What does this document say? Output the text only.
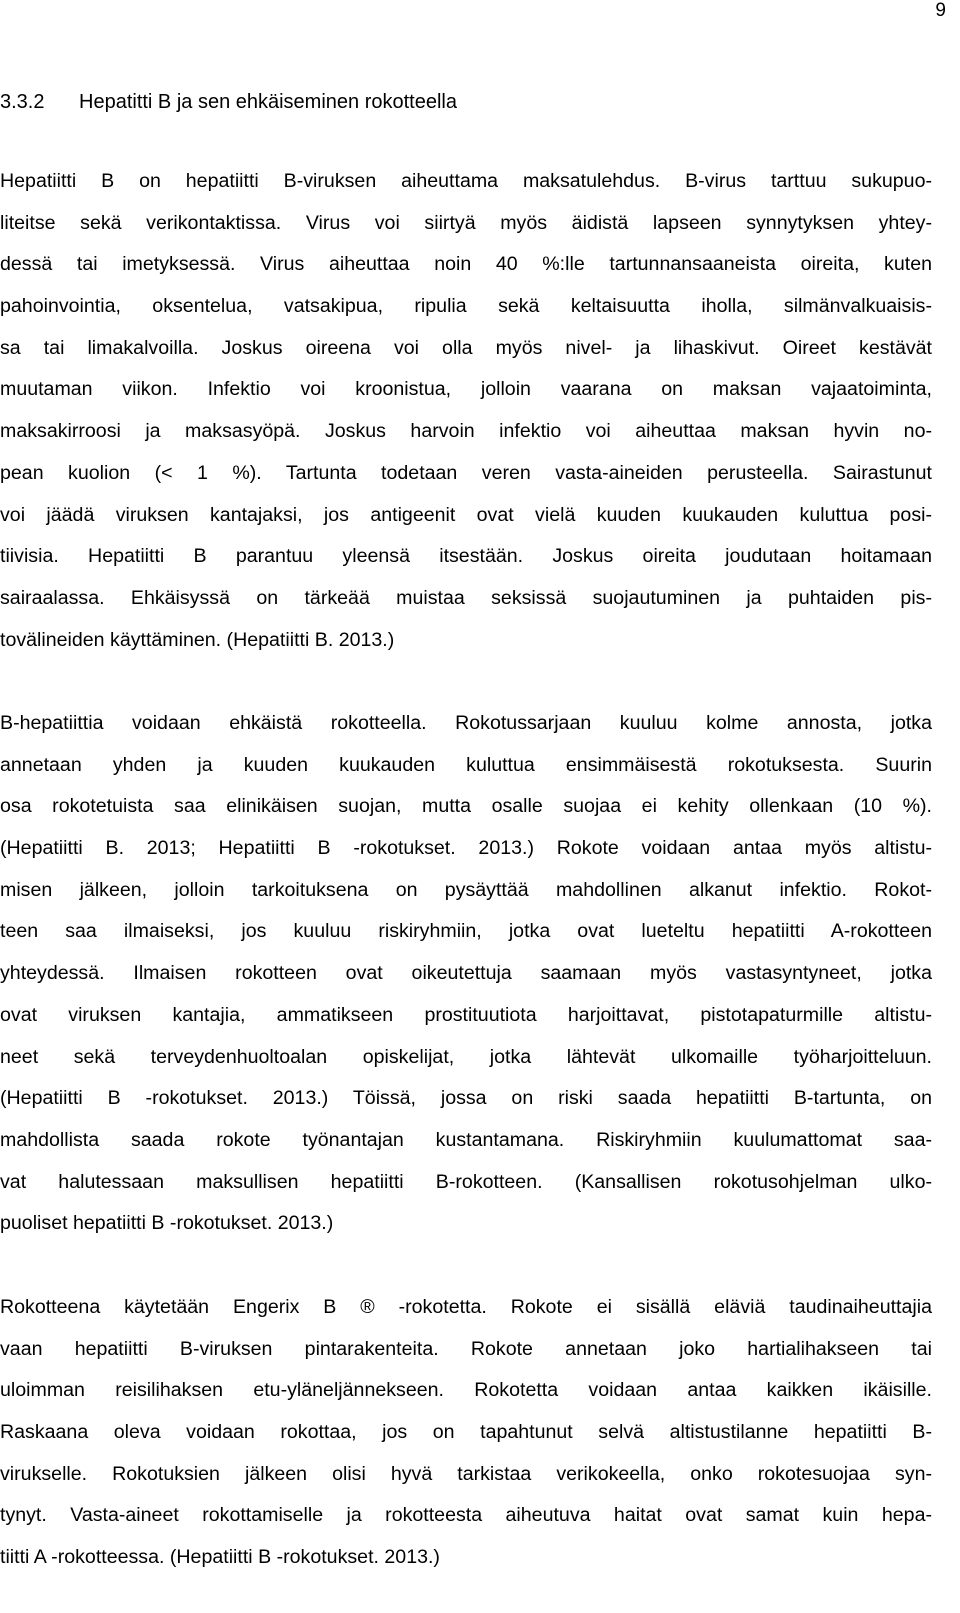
9
3.3.2 Hepatitti B ja sen ehkäiseminen rokotteella
Hepatiitti B on hepatiitti B-viruksen aiheuttama maksatulehdus. B-virus tarttuu sukupuo-
liteitse sekä verikontaktissa. Virus voi siirtyä myös äidistä lapseen synnytyksen yhtey-
dessä tai imetyksessä. Virus aiheuttaa noin 40 %:lle tartunnansaaneista oireita, kuten
pahoinvointia, oksentelua, vatsakipua, ripulia sekä keltaisuutta iholla, silmänvalkuaisis-
sa tai limakalvoilla. Joskus oireena voi olla myös nivel- ja lihaskivut. Oireet kestävät
muutaman viikon. Infektio voi kroonistua, jolloin vaarana on maksan vajaatoiminta,
maksakirroosi ja maksasyöpä. Joskus harvoin infektio voi aiheuttaa maksan hyvin no-
pean kuolion (< 1 %). Tartunta todetaan veren vasta-aineiden perusteella. Sairastunut
voi jäädä viruksen kantajaksi, jos antigeenit ovat vielä kuuden kuukauden kuluttua posi-
tiivisia. Hepatiitti B parantuu yleensä itsestään. Joskus oireita joudutaan hoitamaan
sairaalassa. Ehkäisyssä on tärkeää muistaa seksissä suojautuminen ja puhtaiden pis-
tovälineiden käyttäminen. (Hepatiitti B. 2013.)
B-hepatiittia voidaan ehkäistä rokotteella. Rokotussarjaan kuuluu kolme annosta, jotka
annetaan yhden ja kuuden kuukauden kuluttua ensimmäisestä rokotuksesta. Suurin
osa rokotetuista saa elinikäisen suojan, mutta osalle suojaa ei kehity ollenkaan (10 %).
(Hepatiitti B. 2013; Hepatiitti B -rokotukset. 2013.) Rokote voidaan antaa myös altistu-
misen jälkeen, jolloin tarkoituksena on pysäyttää mahdollinen alkanut infektio. Rokot-
teen saa ilmaiseksi, jos kuuluu riskiryhmiin, jotka ovat lueteltu hepatiitti A-rokotteen
yhteydessä. Ilmaisen rokotteen ovat oikeutettuja saamaan myös vastasyntyneet, jotka
ovat viruksen kantajia, ammatikseen prostituutiota harjoittavat, pistotapaturmille altistu-
neet sekä terveydenhuoltoalan opiskelijat, jotka lähtevät ulkomaille työharjoitteluun.
(Hepatiitti B -rokotukset. 2013.) Töissä, jossa on riski saada hepatiitti B-tartunta, on
mahdollista saada rokote työnantajan kustantamana. Riskiryhmiin kuulumattomat saa-
vat halutessaan maksullisen hepatiitti B-rokotteen. (Kansallisen rokotusohjelman ulko-
puoliset hepatiitti B -rokotukset. 2013.)
Rokotteena käytetään Engerix B ® -rokotetta. Rokote ei sisällä eläviä taudinaiheuttajia
vaan hepatiitti B-viruksen pintarakenteita. Rokote annetaan joko hartialihakseen tai
uloimman reisilihaksen etu-yläneljännekseen. Rokotetta voidaan antaa kaikken ikäisille.
Raskaana oleva voidaan rokottaa, jos on tapahtunut selvä altistustilanne hepatiitti B-
virukselle. Rokotuksien jälkeen olisi hyvä tarkistaa verikokeella, onko rokotesuojaa syn-
tynyt. Vasta-aineet rokottamiselle ja rokotteesta aiheutuva haitat ovat samat kuin hepa-
tiitti A -rokotteessa. (Hepatiitti B -rokotukset. 2013.)
